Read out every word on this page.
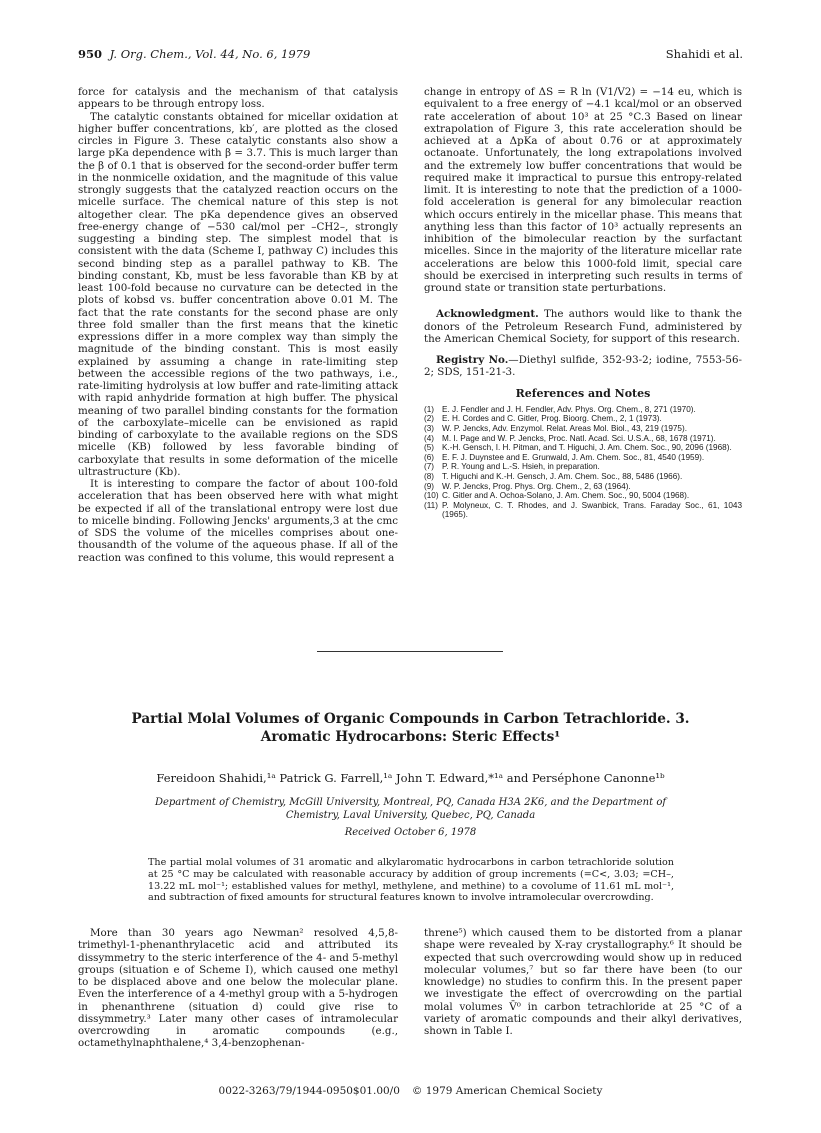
950 J. Org. Chem., Vol. 44, No. 6, 1979	Shahidi et al.

force for catalysis and the mechanism of that catalysis appears to be through entropy loss.

The catalytic constants obtained for micellar oxidation at higher buffer concentrations, kb′, are plotted as the closed circles in Figure 3. These catalytic constants also show a large pKa dependence with β = 3.7. This is much larger than the β of 0.1 that is observed for the second-order buffer term in the nonmicelle oxidation, and the magnitude of this value strongly suggests that the catalyzed reaction occurs on the micelle surface. The chemical nature of this step is not altogether clear. The pKa dependence gives an observed free-energy change of −530 cal/mol per –CH2–, strongly suggesting a binding step. The simplest model that is consistent with the data (Scheme I, pathway C) includes this second binding step as a parallel pathway to KB. The binding constant, Kb, must be less favorable than KB by at least 100-fold because no curvature can be detected in the plots of kobsd vs. buffer concentration above 0.01 M. The fact that the rate constants for the second phase are only three fold smaller than the first means that the kinetic expressions differ in a more complex way than simply the magnitude of the binding constant. This is most easily explained by assuming a change in rate-limiting step between the accessible regions of the two pathways, i.e., rate-limiting hydrolysis at low buffer and rate-limiting attack with rapid anhydride formation at high buffer. The physical meaning of two parallel binding constants for the formation of the carboxylate–micelle can be envisioned as rapid binding of carboxylate to the available regions on the SDS micelle (KB) followed by less favorable binding of carboxylate that results in some deformation of the micelle ultrastructure (Kb).

It is interesting to compare the factor of about 100-fold acceleration that has been observed here with what might be expected if all of the translational entropy were lost due to micelle binding. Following Jencks' arguments,3 at the cmc of SDS the volume of the micelles comprises about one-thousandth of the volume of the aqueous phase. If all of the reaction was confined to this volume, this would represent a

change in entropy of ΔS = R ln (V1/V2) = −14 eu, which is equivalent to a free energy of −4.1 kcal/mol or an observed rate acceleration of about 10³ at 25 °C.3 Based on linear extrapolation of Figure 3, this rate acceleration should be achieved at a ΔpKa of about 0.76 or at approximately octanoate. Unfortunately, the long extrapolations involved and the extremely low buffer concentrations that would be required make it impractical to pursue this entropy-related limit. It is interesting to note that the prediction of a 1000-fold acceleration is general for any bimolecular reaction which occurs entirely in the micellar phase. This means that anything less than this factor of 10³ actually represents an inhibition of the bimolecular reaction by the surfactant micelles. Since in the majority of the literature micellar rate accelerations are below this 1000-fold limit, special care should be exercised in interpreting such results in terms of ground state or transition state perturbations.

Acknowledgment. The authors would like to thank the donors of the Petroleum Research Fund, administered by the American Chemical Society, for support of this research.

Registry No.—Diethyl sulfide, 352-93-2; iodine, 7553-56-2; SDS, 151-21-3.

References and Notes
(1) E. J. Fendler and J. H. Fendler, Adv. Phys. Org. Chem., 8, 271 (1970).
(2) E. H. Cordes and C. Gitler, Prog. Bioorg. Chem., 2, 1 (1973).
(3) W. P. Jencks, Adv. Enzymol. Relat. Areas Mol. Biol., 43, 219 (1975).
(4) M. I. Page and W. P. Jencks, Proc. Natl. Acad. Sci. U.S.A., 68, 1678 (1971).
(5) K.-H. Gensch, I. H. Pitman, and T. Higuchi, J. Am. Chem. Soc., 90, 2096 (1968).
(6) E. F. J. Duynstee and E. Grunwald, J. Am. Chem. Soc., 81, 4540 (1959).
(7) P. R. Young and L.-S. Hsieh, in preparation.
(8) T. Higuchi and K.-H. Gensch, J. Am. Chem. Soc., 88, 5486 (1966).
(9) W. P. Jencks, Prog. Phys. Org. Chem., 2, 63 (1964).
(10) C. Gitler and A. Ochoa-Solano, J. Am. Chem. Soc., 90, 5004 (1968).
(11) P. Molyneux, C. T. Rhodes, and J. Swanbick, Trans. Faraday Soc., 61, 1043 (1965).
Partial Molal Volumes of Organic Compounds in Carbon Tetrachloride. 3.
Aromatic Hydrocarbons: Steric Effects¹
Fereidoon Shahidi,¹ᵃ Patrick G. Farrell,¹ᵃ John T. Edward,*¹ᵃ and Perséphone Canonne¹ᵇ
Department of Chemistry, McGill University, Montreal, PQ, Canada H3A 2K6, and the Department of Chemistry, Laval University, Quebec, PQ, Canada
Received October 6, 1978
The partial molal volumes of 31 aromatic and alkylaromatic hydrocarbons in carbon tetrachloride solution at 25 °C may be calculated with reasonable accuracy by addition of group increments (=C<, 3.03; =CH–, 13.22 mL mol⁻¹; established values for methyl, methylene, and methine) to a covolume of 11.61 mL mol⁻¹, and subtraction of fixed amounts for structural features known to involve intramolecular overcrowding.

More than 30 years ago Newman² resolved 4,5,8-trimethyl-1-phenanthrylacetic acid and attributed its dissymmetry to the steric interference of the 4- and 5-methyl groups (situation e of Scheme I), which caused one methyl to be displaced above and one below the molecular plane. Even the interference of a 4-methyl group with a 5-hydrogen in phenanthrene (situation d) could give rise to dissymmetry.³ Later many other cases of intramolecular overcrowding in aromatic compounds (e.g., octamethylnaphthalene,⁴ 3,4-benzophenan-

threne⁵) which caused them to be distorted from a planar shape were revealed by X-ray crystallography.⁶ It should be expected that such overcrowding would show up in reduced molecular volumes,⁷ but so far there have been (to our knowledge) no studies to confirm this. In the present paper we investigate the effect of overcrowding on the partial molal volumes V̄⁰ in carbon tetrachloride at 25 °C of a variety of aromatic compounds and their alkyl derivatives, shown in Table I.

0022-3263/79/1944-0950$01.00/0 © 1979 American Chemical Society
